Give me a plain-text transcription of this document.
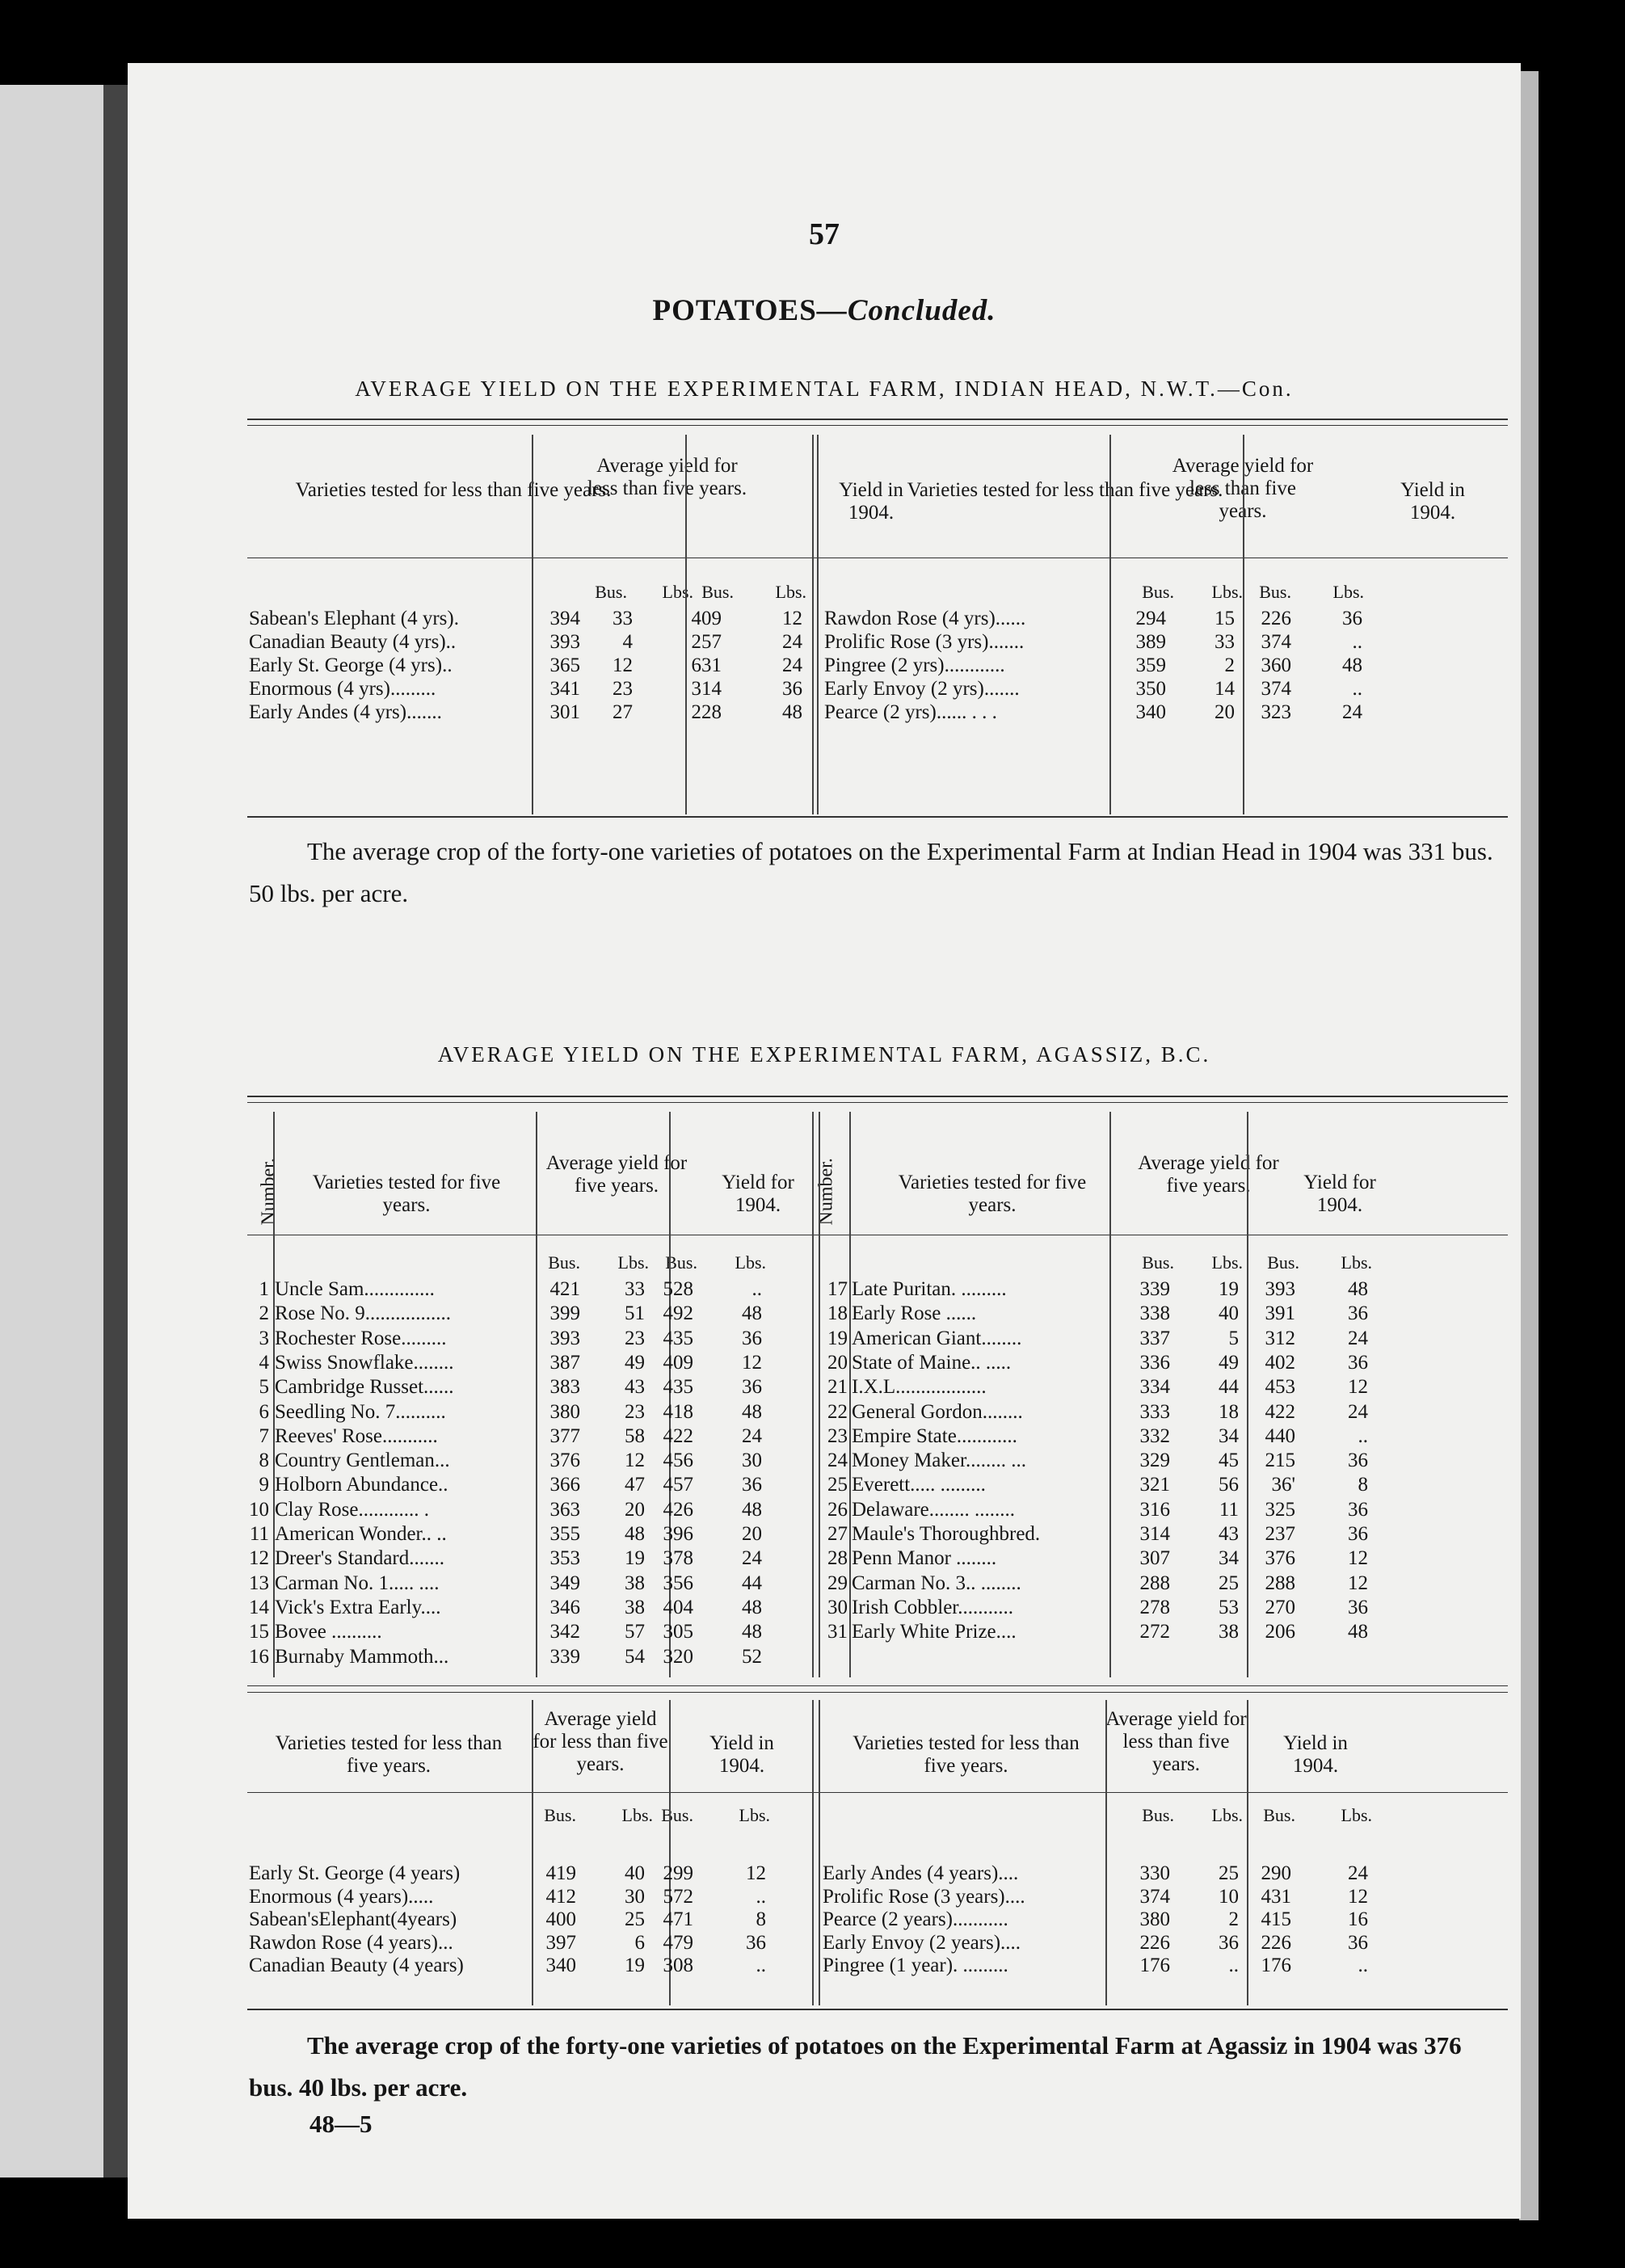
57
POTATOES—Concluded.
AVERAGE YIELD ON THE EXPERIMENTAL FARM, INDIAN HEAD, N.W.T.—Con.
Varieties tested for less than five years.
Average yield for less than five years.	Yield in 1904.
Varieties tested for less than five years.
Average yield for less than five years.
Yield in 1904.
Bus.	Lbs. Bus.	Lbs.	Bus.	Lbs. Bus.	Lbs.
Sabean's Elephant (4 yrs).	394	33	409	12
Canadian Beauty (4 yrs)..	393	4	257	24
Early St. George (4 yrs)..	365	12	631	24
Enormous (4 yrs).........	341	23	314	36
Early Andes (4 yrs).......	301	27	228	48
Rawdon Rose (4 yrs)......	294	15	226	36
Prolific Rose (3 yrs).......	389	33	374	..
Pingree (2 yrs)............	359	2	360	48
Early Envoy (2 yrs).......	350	14	374	..
Pearce (2 yrs)...... . . .	340	20	323	24
The average crop of the forty-one varieties of potatoes on the Experimental Farm at Indian Head in 1904 was 331 bus. 50 lbs. per acre.
AVERAGE YIELD ON THE EXPERIMENTAL FARM, AGASSIZ, B.C.
Number.	Number.
Varieties tested for five years.
Average yield for five years.	Yield for 1904.
Varieties tested for five years.
Average yield for five years.	Yield for 1904.
Bus.	Lbs. Bus.	Lbs.	Bus.	Lbs.	Bus.	Lbs.
1 Uncle Sam..............	421	33 528	..
2 Rose No. 9.................	399	51 492	48
3 Rochester Rose.........	393	23 435	36
4 Swiss Snowflake........	387	49 409	12
5 Cambridge Russet......	383	43 435	36
6 Seedling No. 7..........	380	23 418	48
7 Reeves' Rose...........	377	58 422	24
8 Country Gentleman...	376	12 456	30
9 Holborn Abundance..	366	47 457	36
10 Clay Rose............ .	363	20 426	48
11 American Wonder.. ..	355	48 396	20
12 Dreer's Standard.......	353	19 378	24
13 Carman No. 1..... ....	349	38 356	44
14 Vick's Extra Early....	346	38 404	48
15 Bovee ..........	342	57 305	48
16 Burnaby Mammoth...	339	54 320	52
17 Late Puritan. .........	339	19	393	48
18 Early Rose ......	338	40	391	36
19 American Giant........	337	5	312	24
20 State of Maine.. .....	336	49	402	36
21 I.X.L..................	334	44	453	12
22 General Gordon........	333	18	422	24
23 Empire State............	332	34	440	..
24 Money Maker........ ...	329	45	215	36
25 Everett..... .........	321	56	36'	8
26 Delaware........ ........	316	11	325	36
27 Maule's Thoroughbred.	314	43	237	36
28 Penn Manor ........	307	34	376	12
29 Carman No. 3.. ........	288	25	288	12
30 Irish Cobbler...........	278	53	270	36
31 Early White Prize....	272	38	206	48
Varieties tested for less than five years.
Average yield for less than five years.
Yield in 1904.
Varieties tested for less than five years.
Average yield for less than five years.
Yield in 1904.
Bus.	Lbs. Bus.	Lbs.	Bus.	Lbs.	Bus.	Lbs.
Early St. George (4 years)	419	40 299	12
Enormous (4 years).....	412	30 572	..
Sabean'sElephant(4years)	400	25 471	8
Rawdon Rose (4 years)...	397	6 479	36
Canadian Beauty (4 years)	340	19 308	..
Early Andes (4 years)....	330	25	290	24
Prolific Rose (3 years)....	374	10	431	12
Pearce (2 years)...........	380	2	415	16
Early Envoy (2 years)....	226	36	226	36
Pingree (1 year). .........	176	..	176	..
The average crop of the forty-one varieties of potatoes on the Experimental Farm at Agassiz in 1904 was 376 bus. 40 lbs. per acre.
48—5
